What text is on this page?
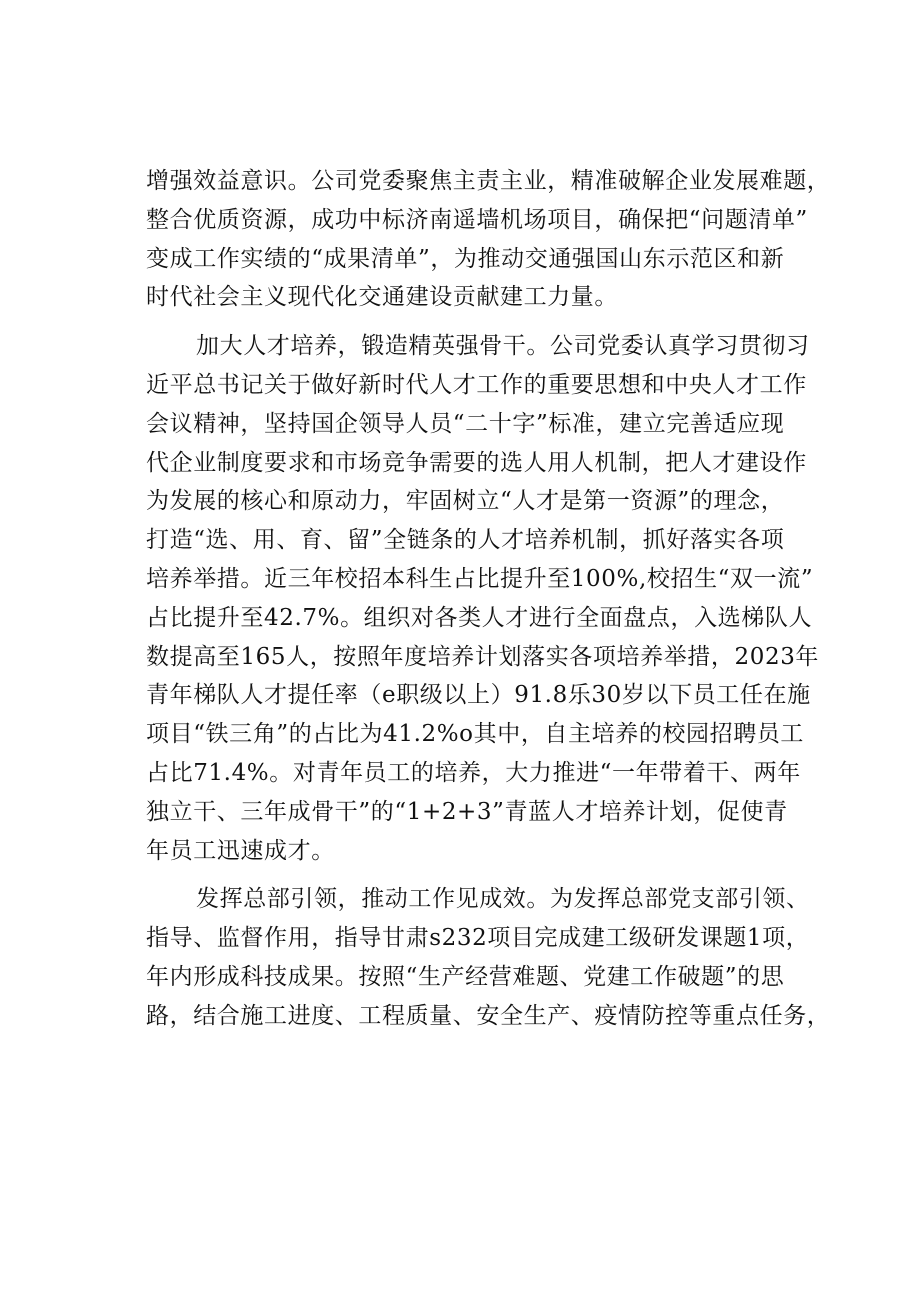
增强效益意识。公司党委聚焦主责主业，精准破解企业发展难题，
整合优质资源，成功中标济南遥墙机场项目，确保把“问题清单”
变成工作实绩的“成果清单”，为推动交通强国山东示范区和新
时代社会主义现代化交通建设贡献建工力量。

加大人才培养，锻造精英强骨干。公司党委认真学习贯彻习
近平总书记关于做好新时代人才工作的重要思想和中央人才工作
会议精神，坚持国企领导人员“二十字”标准，建立完善适应现
代企业制度要求和市场竞争需要的选人用人机制，把人才建设作
为发展的核心和原动力，牢固树立“人才是第一资源”的理念，
打造“选、用、育、留”全链条的人才培养机制，抓好落实各项
培养举措。近三年校招本科生占比提升至100%,校招生“双一流”
占比提升至42.7%。组织对各类人才进行全面盘点，入选梯队人
数提高至165人，按照年度培养计划落实各项培养举措，2023年
青年梯队人才提任率（e职级以上）91.8乐30岁以下员工任在施
项目“铁三角”的占比为41.2%o其中，自主培养的校园招聘员工
占比71.4%。对青年员工的培养，大力推进“一年带着干、两年
独立干、三年成骨干”的“1+2+3”青蓝人才培养计划，促使青
年员工迅速成才。

发挥总部引领，推动工作见成效。为发挥总部党支部引领、
指导、监督作用，指导甘肃s232项目完成建工级研发课题1项，
年内形成科技成果。按照“生产经营难题、党建工作破题”的思
路，结合施工进度、工程质量、安全生产、疫情防控等重点任务，
